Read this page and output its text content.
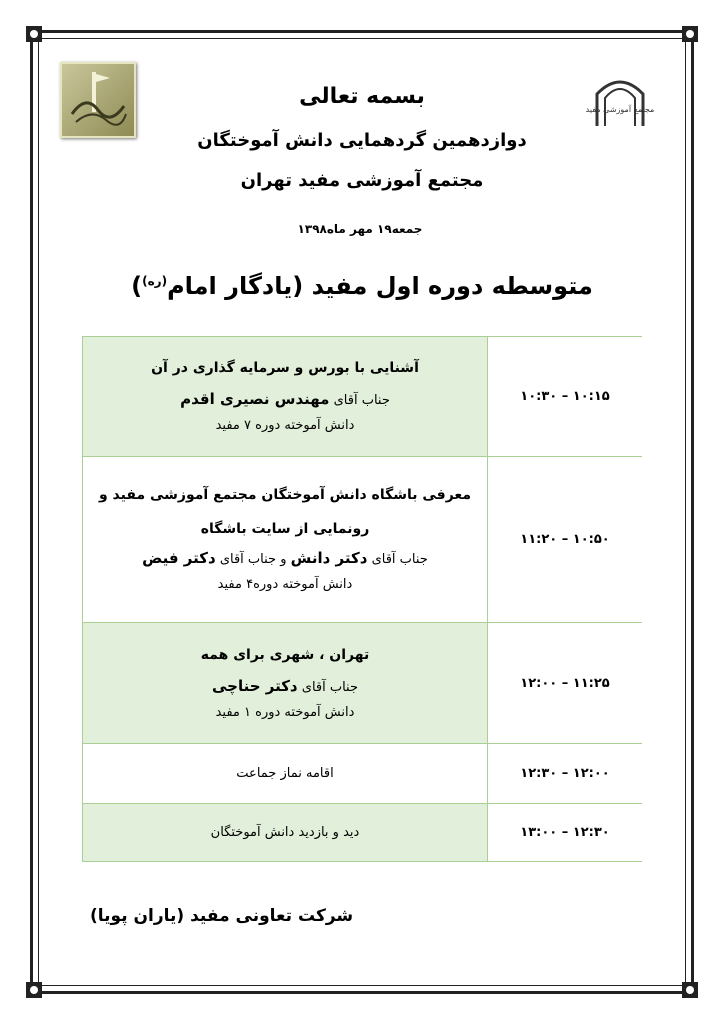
مجتمع آموزشی مفید
بسمه تعالی
دوازدهمین گردهمایی دانش آموختگان
مجتمع آموزشی مفید تهران
جمعه۱۹ مهر ماه۱۳۹۸
متوسطه دوره اول مفید (یادگار امام$^{(ره)}$)
۱۰:۱۵ – ۱۰:۳۰	آشنایی با بورس و سرمایه گذاری در آن
جناب آقای مهندس نصیری اقدم
دانش آموخته دوره ۷ مفید

۱۰:۵۰ – ۱۱:۲۰	معرفی باشگاه دانش آموختگان مجتمع آموزشی مفید و
رونمایی از سایت باشگاه
جناب آقای دکتر دانش و جناب آقای دکتر فیض
دانش آموخته دوره۴ مفید

۱۱:۲۵ – ۱۲:۰۰	تهران ، شهری برای همه
جناب آقای دکتر حناچی
دانش آموخته دوره ۱ مفید

۱۲:۰۰ – ۱۲:۳۰	اقامه نماز جماعت
۱۲:۳۰ – ۱۳:۰۰	دید و بازدید دانش آموختگان
شرکت تعاونی مفید (یاران پویا)
